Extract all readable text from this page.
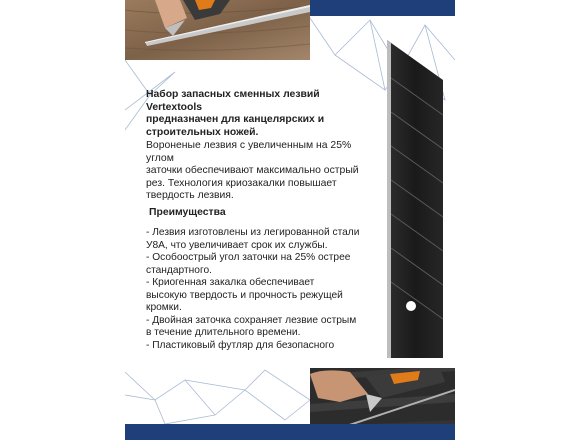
Набор запасных сменных лезвий Vertextools

предназначен для канцелярских и

строительных ножей.

Вороненые лезвия с увеличенным на 25% углом

заточки обеспечивают максимально острый

рез. Технология криозакалки повышает

твердость лезвия.

Преимущества

- Лезвия изготовлены из легированной стали

У8А, что увеличивает срок их службы.

- Особоострый угол заточки на 25% острее

стандартного.

- Криогенная закалка обеспечивает

высокую твердость и прочность режущей

кромки.

- Двойная заточка сохраняет лезвие острым

в течение длительного времени.

- Пластиковый футляр для безопасного
